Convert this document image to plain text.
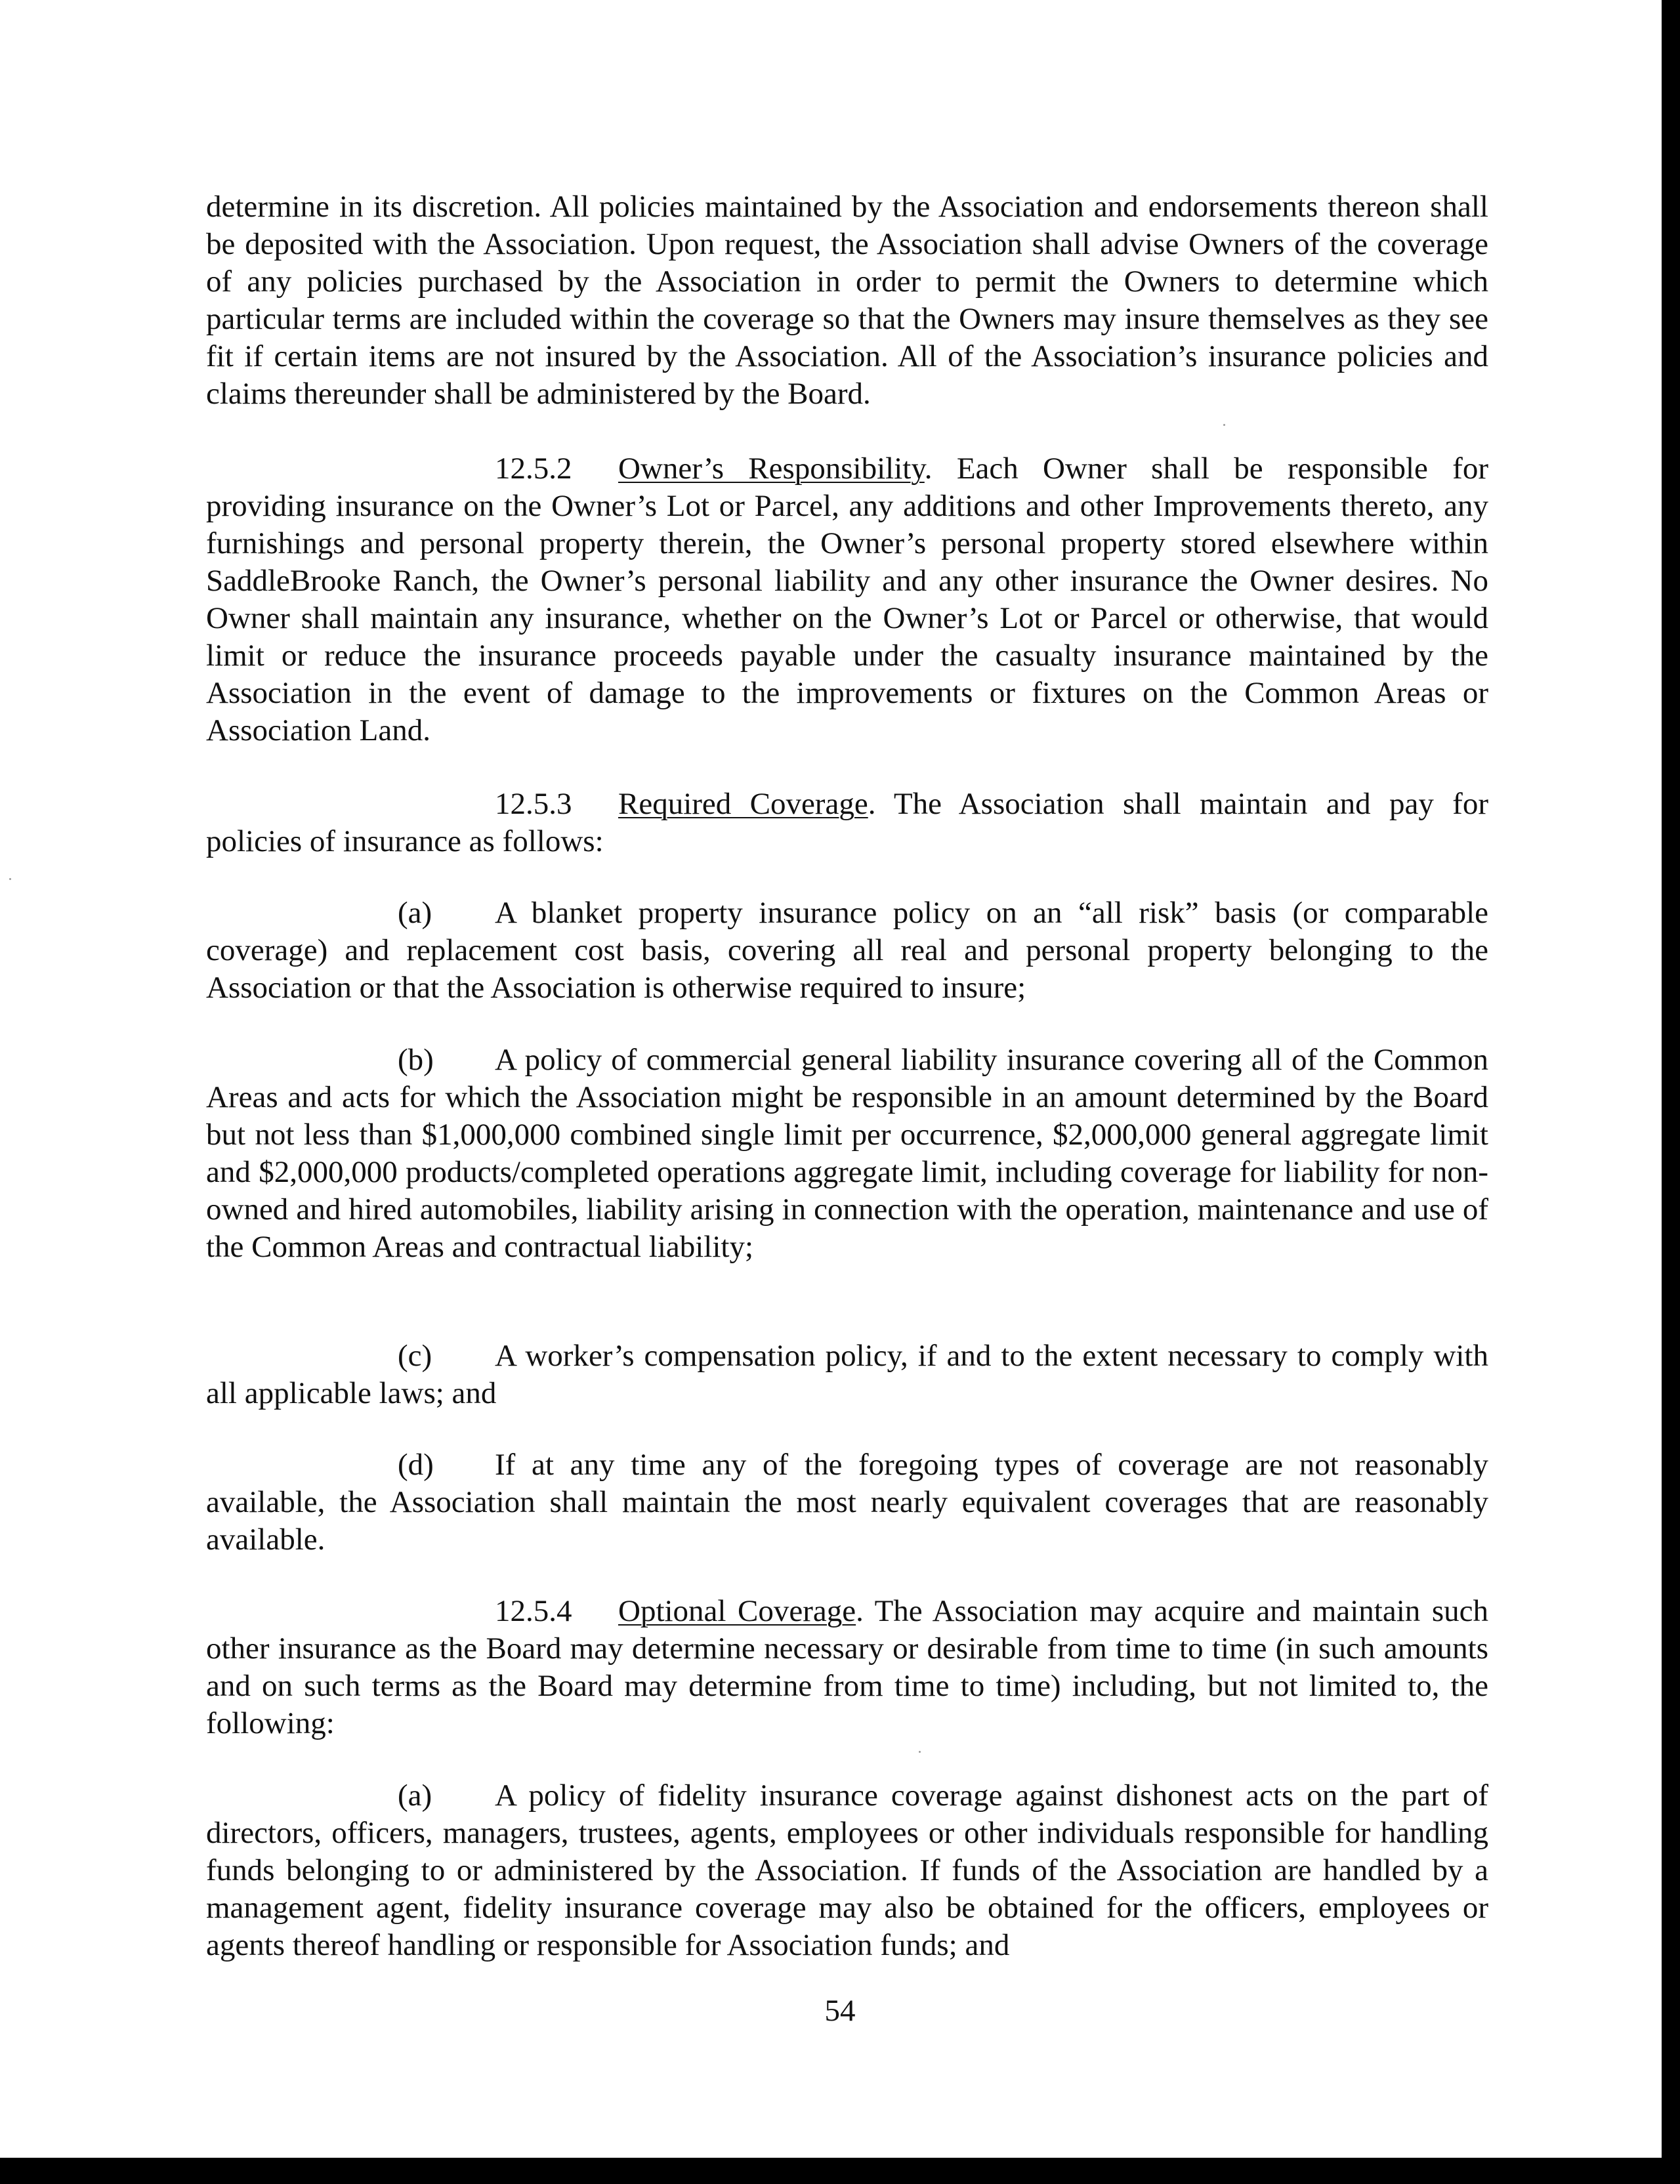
determine in its discretion. All policies maintained by the Association and endorsements thereon shall be deposited with the Association. Upon request, the Association shall advise Owners of the coverage of any policies purchased by the Association in order to permit the Owners to determine which particular terms are included within the coverage so that the Owners may insure themselves as they see fit if certain items are not insured by the Association. All of the Association’s insurance policies and claims thereunder shall be administered by the Board.

12.5.2 Owner’s Responsibility. Each Owner shall be responsible for providing insurance on the Owner’s Lot or Parcel, any additions and other Improvements thereto, any furnishings and personal property therein, the Owner’s personal property stored elsewhere within SaddleBrooke Ranch, the Owner’s personal liability and any other insurance the Owner desires. No Owner shall maintain any insurance, whether on the Owner’s Lot or Parcel or otherwise, that would limit or reduce the insurance proceeds payable under the casualty insurance maintained by the Association in the event of damage to the improvements or fixtures on the Common Areas or Association Land.

12.5.3 Required Coverage. The Association shall maintain and pay for policies of insurance as follows:

(a) A blanket property insurance policy on an “all risk” basis (or comparable coverage) and replacement cost basis, covering all real and personal property belonging to the Association or that the Association is otherwise required to insure;

(b) A policy of commercial general liability insurance covering all of the Common Areas and acts for which the Association might be responsible in an amount determined by the Board but not less than $1,000,000 combined single limit per occurrence, $2,000,000 general aggregate limit and $2,000,000 products/completed operations aggregate limit, including coverage for liability for non-owned and hired automobiles, liability arising in connection with the operation, maintenance and use of the Common Areas and contractual liability;

(c) A worker’s compensation policy, if and to the extent necessary to comply with all applicable laws; and

(d) If at any time any of the foregoing types of coverage are not reasonably available, the Association shall maintain the most nearly equivalent coverages that are reasonably available.

12.5.4 Optional Coverage. The Association may acquire and maintain such other insurance as the Board may determine necessary or desirable from time to time (in such amounts and on such terms as the Board may determine from time to time) including, but not limited to, the following:

(a) A policy of fidelity insurance coverage against dishonest acts on the part of directors, officers, managers, trustees, agents, employees or other individuals responsible for handling funds belonging to or administered by the Association. If funds of the Association are handled by a management agent, fidelity insurance coverage may also be obtained for the officers, employees or agents thereof handling or responsible for Association funds; and

54
